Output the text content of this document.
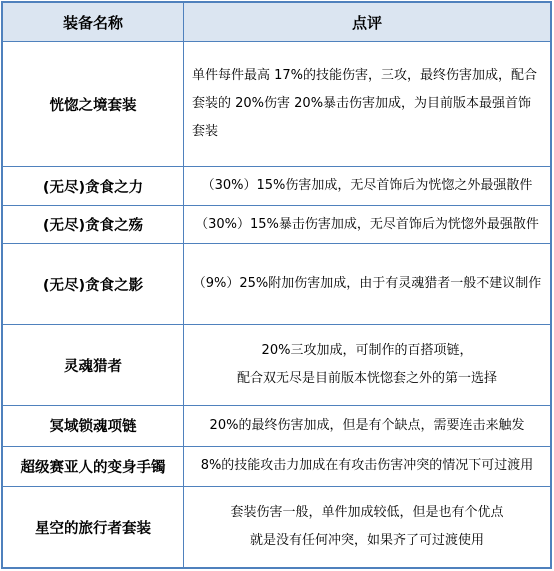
装备名称	点评
恍惚之境套装	单件每件最高 17%的技能伤害，三攻，最终伤害加成，配合套装的 20%伤害 20%暴击伤害加成，为目前版本最强首饰套装

(无尽)贪食之力	（30%）15%伤害加成，无尽首饰后为恍惚之外最强散件

(无尽)贪食之殇	（30%）15%暴击伤害加成，无尽首饰后为恍惚外最强散件

(无尽)贪食之影	（9%）25%附加伤害加成，由于有灵魂猎者一般不建议制作

灵魂猎者	20%三攻加成，可制作的百搭项链，
配合双无尽是目前版本恍惚套之外的第一选择

冥域锁魂项链	20%的最终伤害加成，但是有个缺点，需要连击来触发

超级赛亚人的变身手镯	8%的技能攻击力加成在有攻击伤害冲突的情况下可过渡用

星空的旅行者套装	套装伤害一般，单件加成较低，但是也有个优点
就是没有任何冲突，如果齐了可过渡使用
